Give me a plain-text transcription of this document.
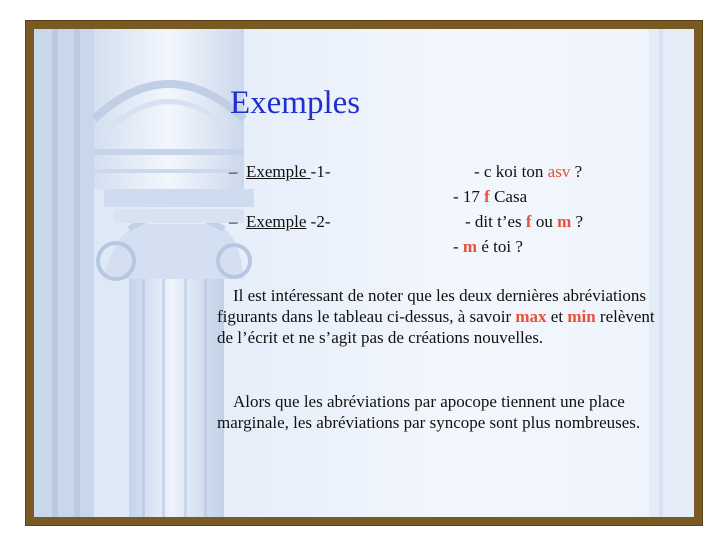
Exemples
– Exemple -1-	- c koi ton asv ?
- 17 f Casa
– Exemple -2-	- dit t’es f ou m ?
- m é toi ?

Il est intéressant de noter que les deux dernières abréviations figurants dans le tableau ci-dessus, à savoir max et min relèvent de l’écrit et ne s’agit pas de créations nouvelles.

Alors que les abréviations par apocope tiennent une place marginale, les abréviations par syncope sont plus nombreuses.
